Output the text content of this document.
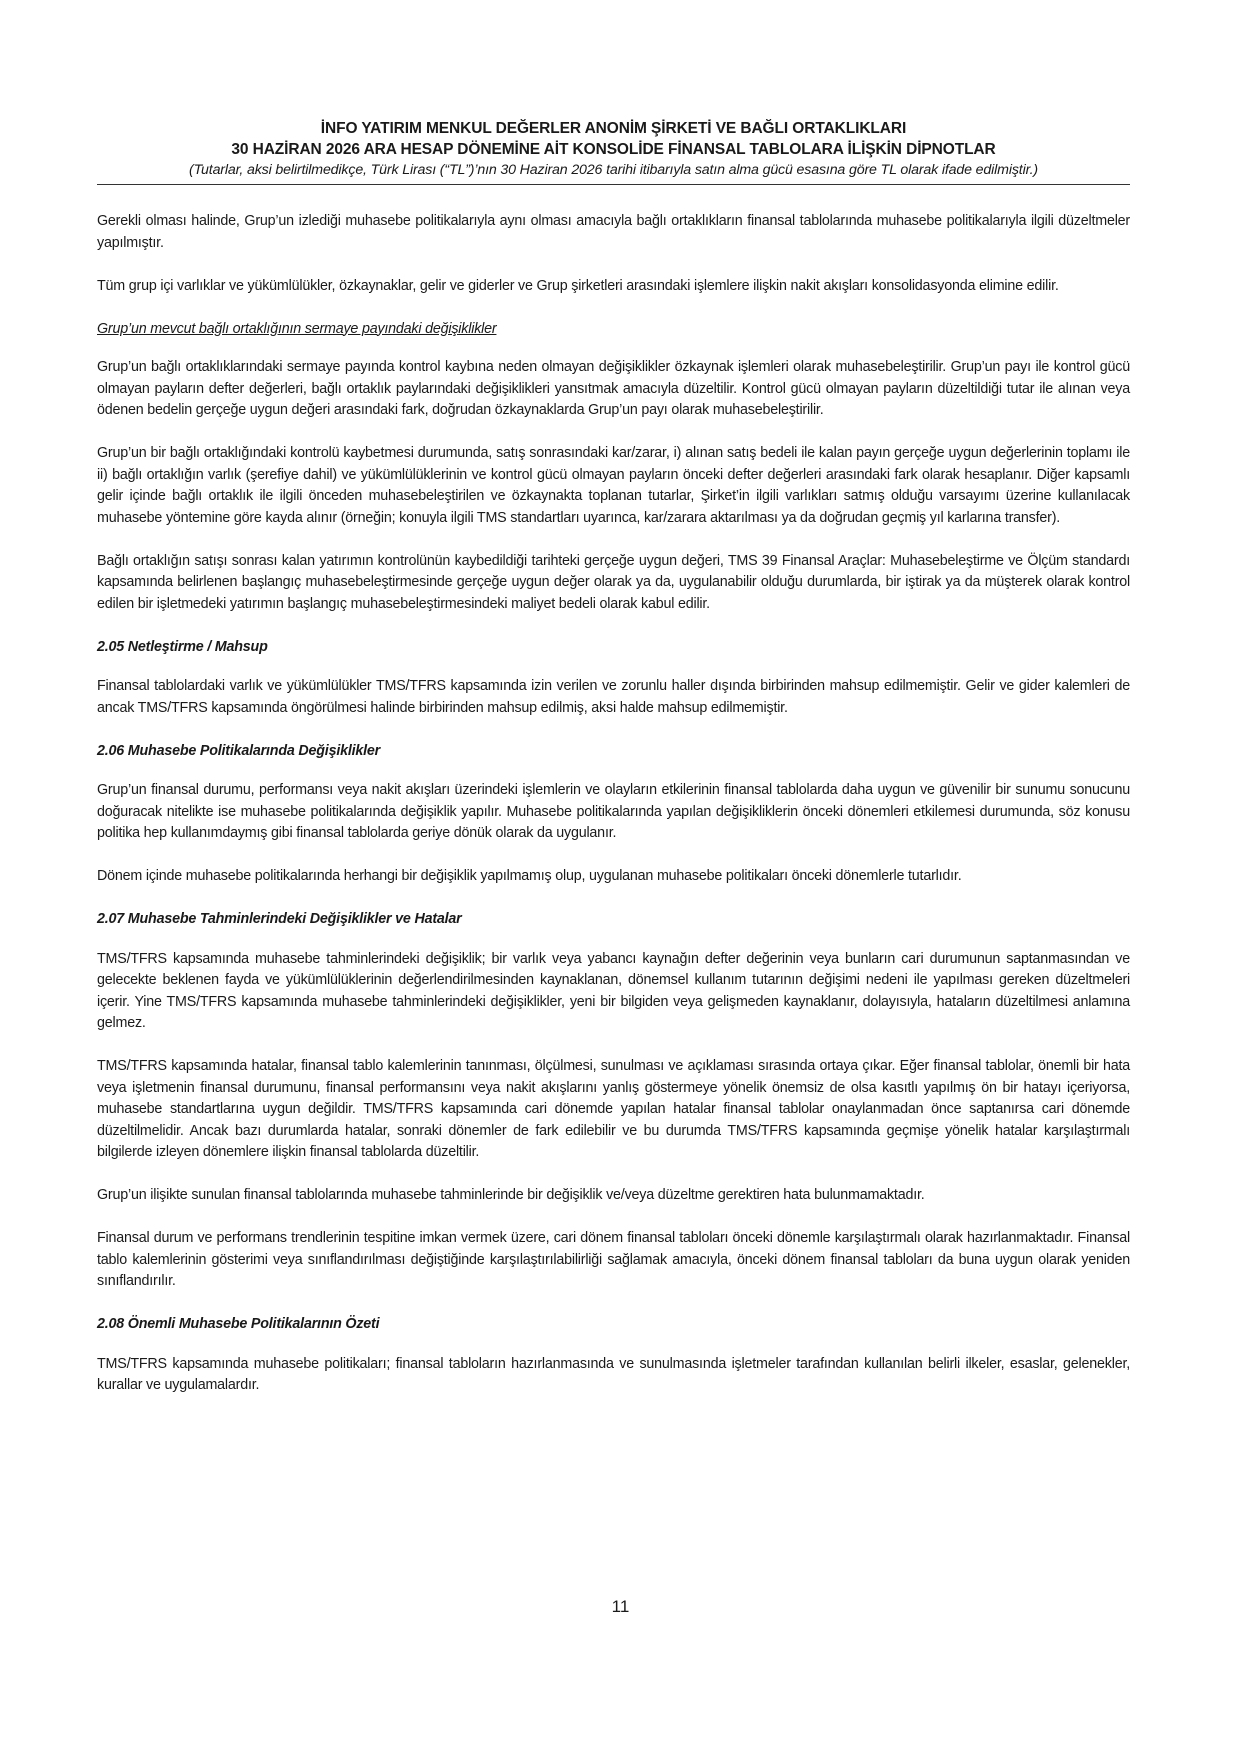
İNFO YATIRIM MENKUL DEĞERLER ANONİM ŞİRKETİ VE BAĞLI ORTAKLIKLARI
30 HAZİRAN 2026 ARA HESAP DÖNEMİNE AİT KONSOLİDE FİNANSAL TABLOLARA İLİŞKİN DİPNOTLAR
(Tutarlar, aksi belirtilmedikçe, Türk Lirası (“TL”)’nın 30 Haziran 2026 tarihi itibarıyla satın alma gücü esasına göre TL olarak ifade edilmiştir.)

Gerekli olması halinde, Grup’un izlediği muhasebe politikalarıyla aynı olması amacıyla bağlı ortaklıkların finansal tablolarında muhasebe politikalarıyla ilgili düzeltmeler yapılmıştır.

Tüm grup içi varlıklar ve yükümlülükler, özkaynaklar, gelir ve giderler ve Grup şirketleri arasındaki işlemlere ilişkin nakit akışları konsolidasyonda elimine edilir.

Grup’un mevcut bağlı ortaklığının sermaye payındaki değişiklikler

Grup’un bağlı ortaklıklarındaki sermaye payında kontrol kaybına neden olmayan değişiklikler özkaynak işlemleri olarak muhasebeleştirilir. Grup’un payı ile kontrol gücü olmayan payların defter değerleri, bağlı ortaklık paylarındaki değişiklikleri yansıtmak amacıyla düzeltilir. Kontrol gücü olmayan payların düzeltildiği tutar ile alınan veya ödenen bedelin gerçeğe uygun değeri arasındaki fark, doğrudan özkaynaklarda Grup’un payı olarak muhasebeleştirilir.

Grup’un bir bağlı ortaklığındaki kontrolü kaybetmesi durumunda, satış sonrasındaki kar/zarar, i) alınan satış bedeli ile kalan payın gerçeğe uygun değerlerinin toplamı ile ii) bağlı ortaklığın varlık (şerefiye dahil) ve yükümlülüklerinin ve kontrol gücü olmayan payların önceki defter değerleri arasındaki fark olarak hesaplanır. Diğer kapsamlı gelir içinde bağlı ortaklık ile ilgili önceden muhasebeleştirilen ve özkaynakta toplanan tutarlar, Şirket’in ilgili varlıkları satmış olduğu varsayımı üzerine kullanılacak muhasebe yöntemine göre kayda alınır (örneğin; konuyla ilgili TMS standartları uyarınca, kar/zarara aktarılması ya da doğrudan geçmiş yıl karlarına transfer).

Bağlı ortaklığın satışı sonrası kalan yatırımın kontrolünün kaybedildiği tarihteki gerçeğe uygun değeri, TMS 39 Finansal Araçlar: Muhasebeleştirme ve Ölçüm standardı kapsamında belirlenen başlangıç muhasebeleştirmesinde gerçeğe uygun değer olarak ya da, uygulanabilir olduğu durumlarda, bir iştirak ya da müşterek olarak kontrol edilen bir işletmedeki yatırımın başlangıç muhasebeleştirmesindeki maliyet bedeli olarak kabul edilir.

2.05 Netleştirme / Mahsup

Finansal tablolardaki varlık ve yükümlülükler TMS/TFRS kapsamında izin verilen ve zorunlu haller dışında birbirinden mahsup edilmemiştir. Gelir ve gider kalemleri de ancak TMS/TFRS kapsamında öngörülmesi halinde birbirinden mahsup edilmiş, aksi halde mahsup edilmemiştir.

2.06 Muhasebe Politikalarında Değişiklikler

Grup’un finansal durumu, performansı veya nakit akışları üzerindeki işlemlerin ve olayların etkilerinin finansal tablolarda daha uygun ve güvenilir bir sunumu sonucunu doğuracak nitelikte ise muhasebe politikalarında değişiklik yapılır. Muhasebe politikalarında yapılan değişikliklerin önceki dönemleri etkilemesi durumunda, söz konusu politika hep kullanımdaymış gibi finansal tablolarda geriye dönük olarak da uygulanır.

Dönem içinde muhasebe politikalarında herhangi bir değişiklik yapılmamış olup, uygulanan muhasebe politikaları önceki dönemlerle tutarlıdır.

2.07 Muhasebe Tahminlerindeki Değişiklikler ve Hatalar

TMS/TFRS kapsamında muhasebe tahminlerindeki değişiklik; bir varlık veya yabancı kaynağın defter değerinin veya bunların cari durumunun saptanmasından ve gelecekte beklenen fayda ve yükümlülüklerinin değerlendirilmesinden kaynaklanan, dönemsel kullanım tutarının değişimi nedeni ile yapılması gereken düzeltmeleri içerir. Yine TMS/TFRS kapsamında muhasebe tahminlerindeki değişiklikler, yeni bir bilgiden veya gelişmeden kaynaklanır, dolayısıyla, hataların düzeltilmesi anlamına gelmez.

TMS/TFRS kapsamında hatalar, finansal tablo kalemlerinin tanınması, ölçülmesi, sunulması ve açıklaması sırasında ortaya çıkar. Eğer finansal tablolar, önemli bir hata veya işletmenin finansal durumunu, finansal performansını veya nakit akışlarını yanlış göstermeye yönelik önemsiz de olsa kasıtlı yapılmış ön bir hatayı içeriyorsa, muhasebe standartlarına uygun değildir. TMS/TFRS kapsamında cari dönemde yapılan hatalar finansal tablolar onaylanmadan önce saptanırsa cari dönemde düzeltilmelidir. Ancak bazı durumlarda hatalar, sonraki dönemler de fark edilebilir ve bu durumda TMS/TFRS kapsamında geçmişe yönelik hatalar karşılaştırmalı bilgilerde izleyen dönemlere ilişkin finansal tablolarda düzeltilir.

Grup’un ilişikte sunulan finansal tablolarında muhasebe tahminlerinde bir değişiklik ve/veya düzeltme gerektiren hata bulunmamaktadır.

Finansal durum ve performans trendlerinin tespitine imkan vermek üzere, cari dönem finansal tabloları önceki dönemle karşılaştırmalı olarak hazırlanmaktadır. Finansal tablo kalemlerinin gösterimi veya sınıflandırılması değiştiğinde karşılaştırılabilirliği sağlamak amacıyla, önceki dönem finansal tabloları da buna uygun olarak yeniden sınıflandırılır.

2.08 Önemli Muhasebe Politikalarının Özeti

TMS/TFRS kapsamında muhasebe politikaları; finansal tabloların hazırlanmasında ve sunulmasında işletmeler tarafından kullanılan belirli ilkeler, esaslar, gelenekler, kurallar ve uygulamalardır.

11
